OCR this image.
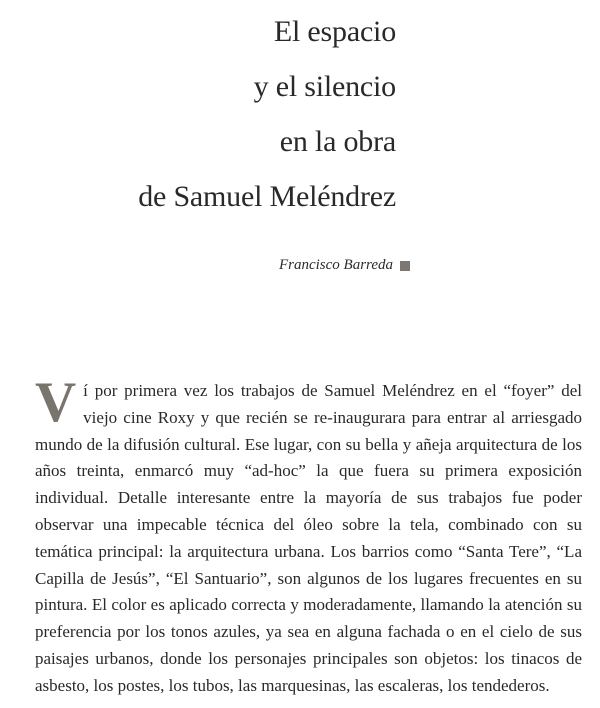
El espacio
y el silencio
en la obra
de Samuel Meléndrez
Francisco Barreda

Ví por primera vez los trabajos de Samuel Meléndrez en el “foyer” del viejo cine Roxy y que recién se re-inaugurara para entrar al arriesgado mundo de la difusión cultural. Ese lugar, con su bella y añeja arquitectura de los años treinta, enmarcó muy “ad-hoc” la que fuera su primera exposición individual. Detalle interesante entre la mayoría de sus trabajos fue poder observar una impecable técnica del óleo sobre la tela, combinado con su temática principal: la arquitectura urbana. Los barrios como “Santa Tere”, “La Capilla de Jesús”, “El Santuario”, son algunos de los lugares frecuentes en su pintura. El color es aplicado correcta y moderadamente, llamando la atención su preferencia por los tonos azules, ya sea en alguna fachada o en el cielo de sus paisajes urbanos, donde los personajes principales son objetos: los tinacos de asbesto, los postes, los tubos, las marquesinas, las escaleras, los tendederos.
